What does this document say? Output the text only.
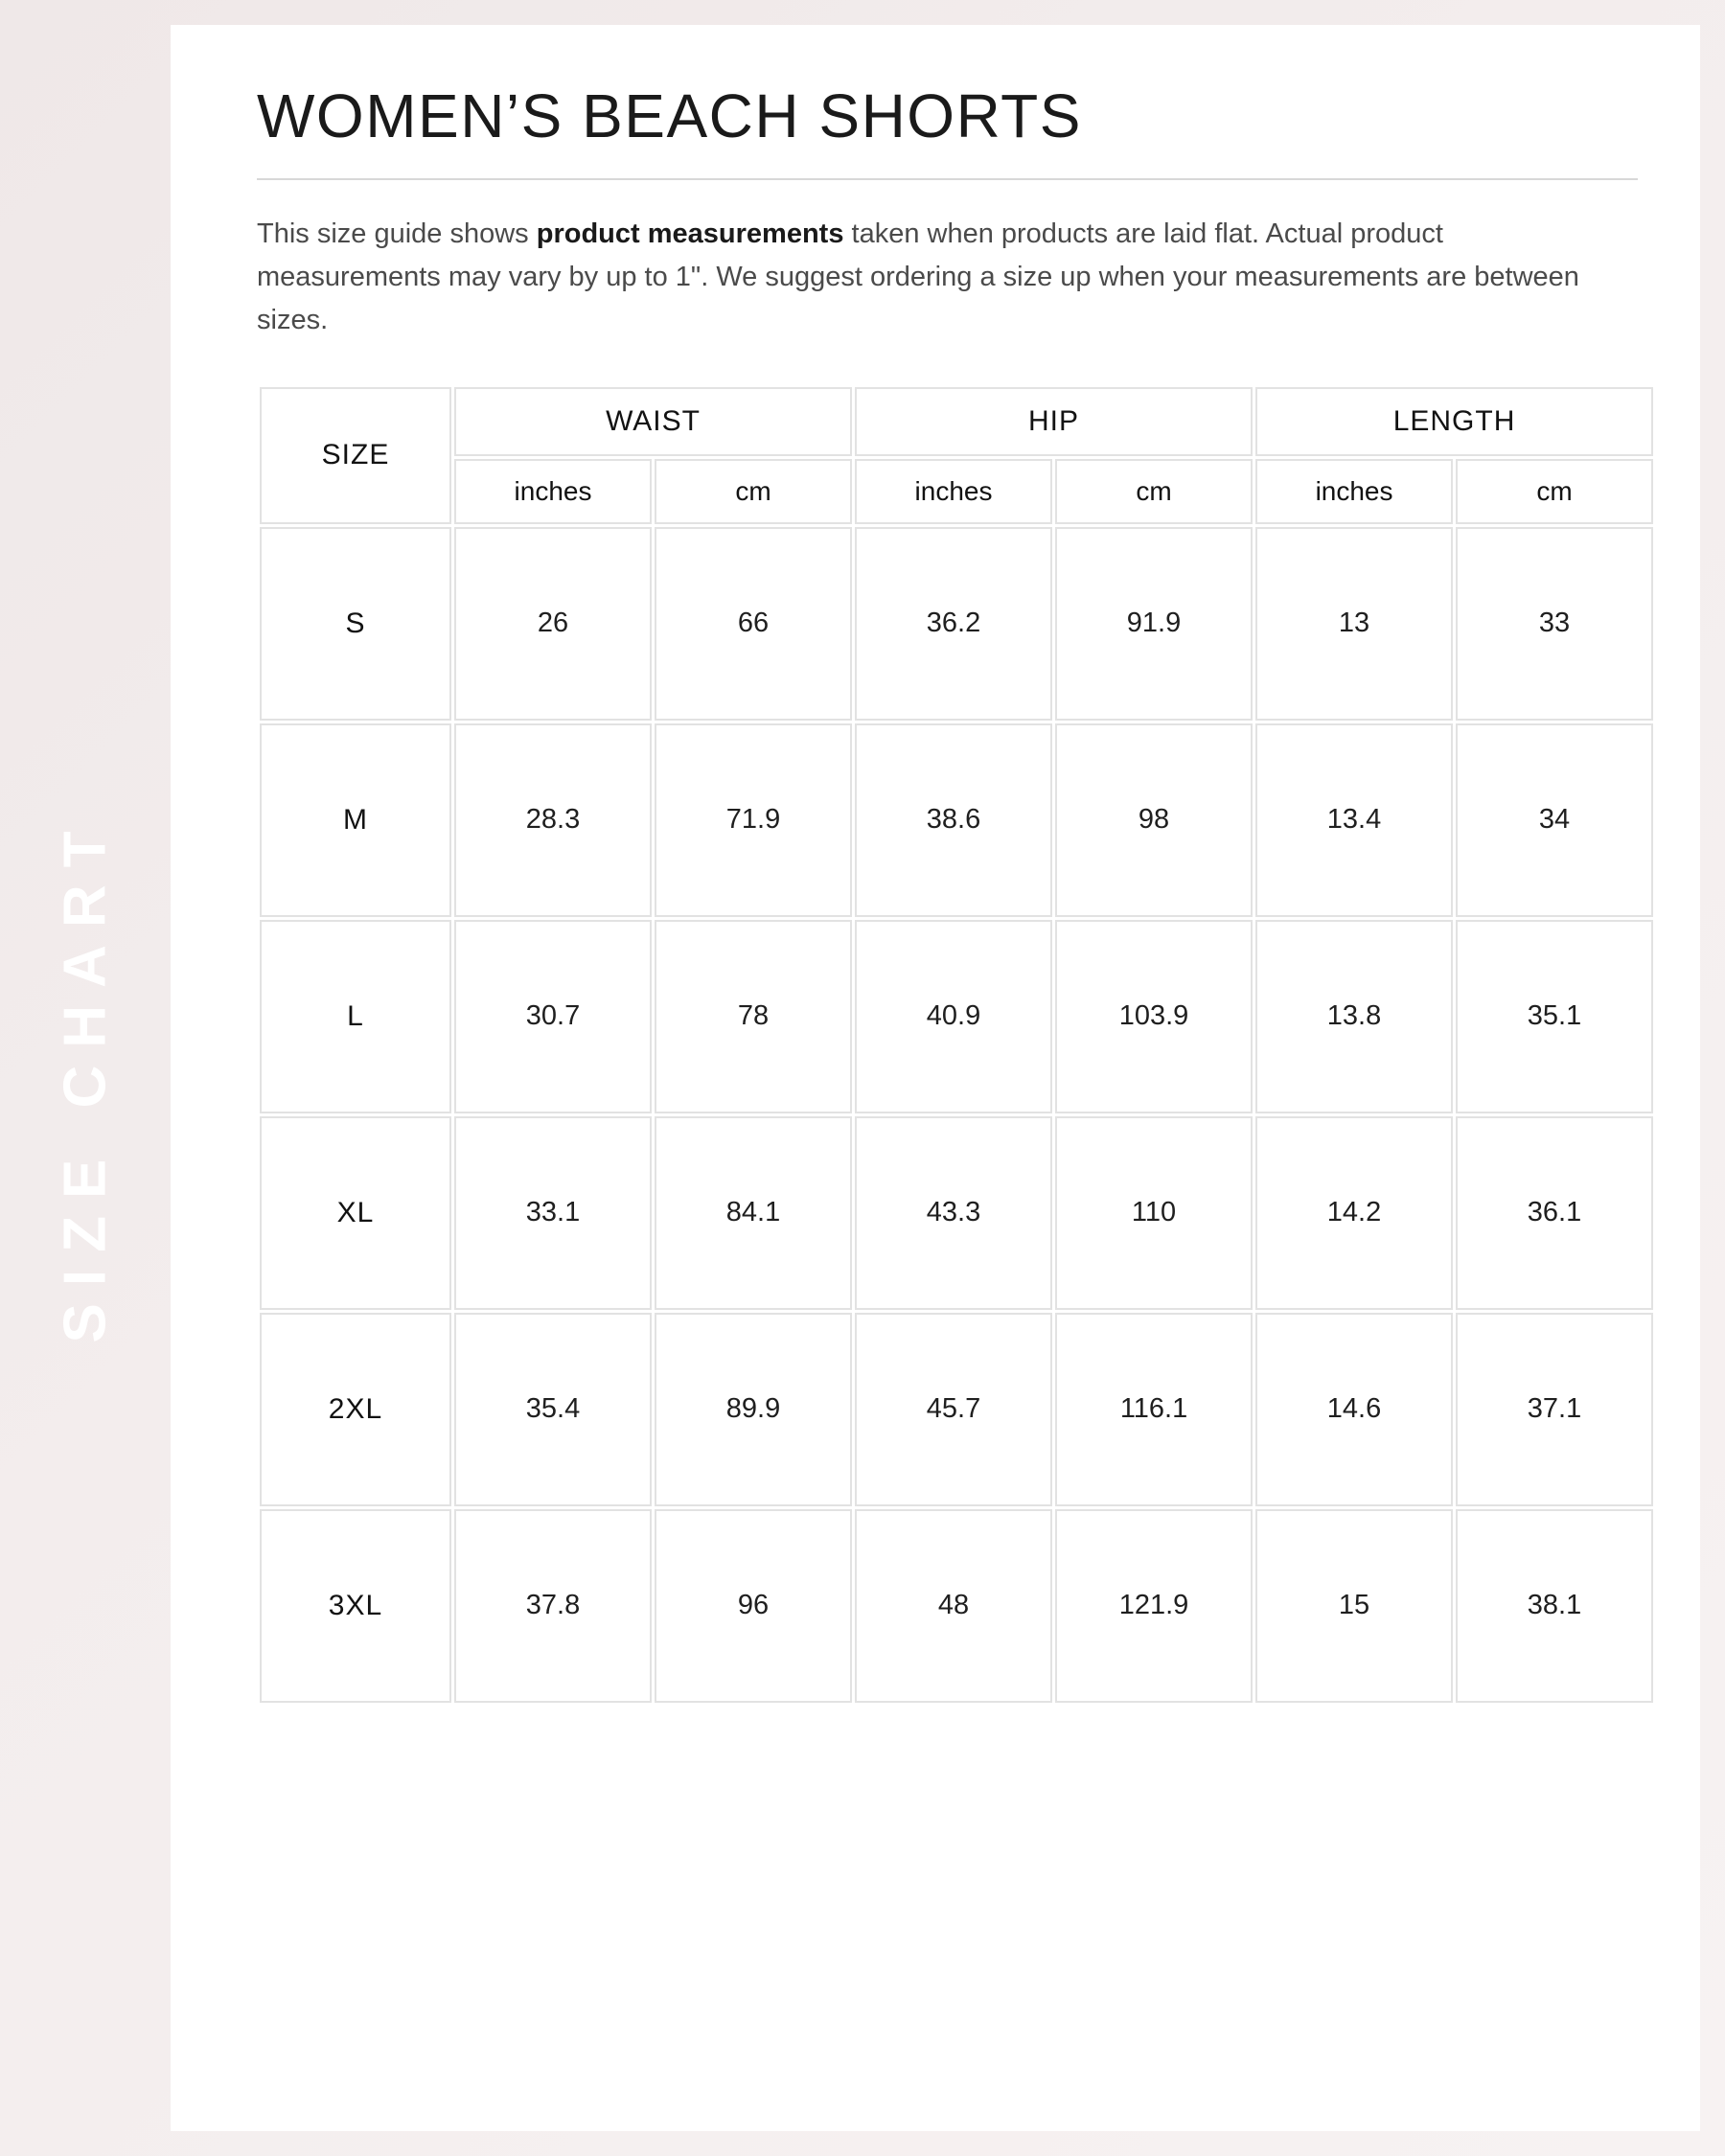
SIZE CHART
WOMEN’S BEACH SHORTS

This size guide shows product measurements taken when products are laid flat. Actual product measurements may vary by up to 1". We suggest ordering a size up when your measurements are between sizes.

SIZE	WAIST		HIP		LENGTH	
	inches	cm	inches	cm	inches	cm
S	26	66	36.2	91.9	13	33
M	28.3	71.9	38.6	98	13.4	34
L	30.7	78	40.9	103.9	13.8	35.1
XL	33.1	84.1	43.3	110	14.2	36.1
2XL	35.4	89.9	45.7	116.1	14.6	37.1
3XL	37.8	96	48	121.9	15	38.1
